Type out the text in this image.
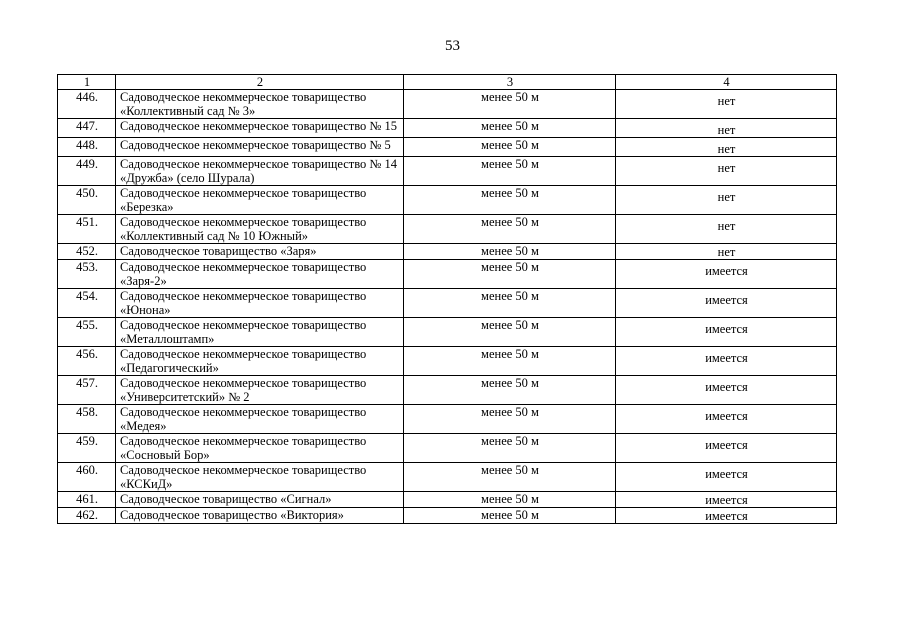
53
1	2	3	4
446.	Садоводческое некоммерческое товарищество «Коллективный сад № 3»	менее 50 м	нет
447.	Садоводческое некоммерческое товарищество № 15	менее 50 м	нет
448.	Садоводческое некоммерческое товарищество № 5	менее 50 м	нет
449.	Садоводческое некоммерческое товарищество № 14 «Дружба» (село Шурала)	менее 50 м	нет
450.	Садоводческое некоммерческое товарищество «Березка»	менее 50 м	нет
451.	Садоводческое некоммерческое товарищество «Коллективный сад № 10 Южный»	менее 50 м	нет
452.	Садоводческое товарищество «Заря»	менее 50 м	нет
453.	Садоводческое некоммерческое товарищество «Заря-2»	менее 50 м	имеется
454.	Садоводческое некоммерческое товарищество «Юнона»	менее 50 м	имеется
455.	Садоводческое некоммерческое товарищество «Металлоштамп»	менее 50 м	имеется
456.	Садоводческое некоммерческое товарищество «Педагогический»	менее 50 м	имеется
457.	Садоводческое некоммерческое товарищество «Университетский» № 2	менее 50 м	имеется
458.	Садоводческое некоммерческое товарищество «Медея»	менее 50 м	имеется
459.	Садоводческое некоммерческое товарищество «Сосновый Бор»	менее 50 м	имеется
460.	Садоводческое некоммерческое товарищество «КСКиД»	менее 50 м	имеется
461.	Садоводческое товарищество «Сигнал»	менее 50 м	имеется
462.	Садоводческое товарищество «Виктория»	менее 50 м	имеется
